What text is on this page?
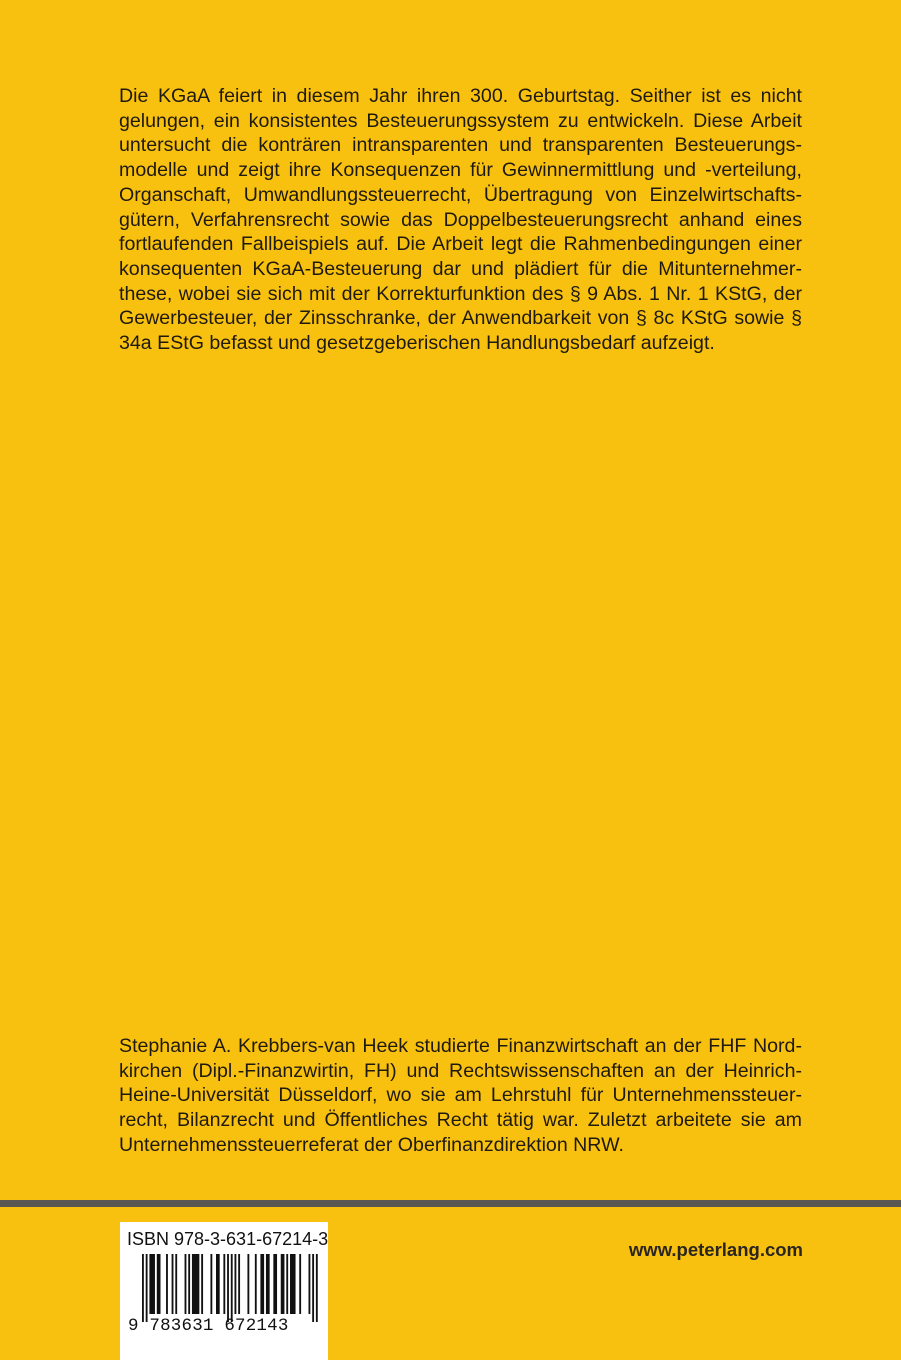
Die KGaA feiert in diesem Jahr ihren 300. Geburtstag. Seither ist es nicht gelungen, ein konsistentes Besteuerungssystem zu entwickeln. Diese Arbeit untersucht die konträren intransparenten und transparenten Besteuerungsmodelle und zeigt ihre Konsequenzen für Gewinnermittlung und -verteilung, Organschaft, Umwandlungssteuerrecht, Übertragung von Einzelwirtschaftsgütern, Verfahrensrecht sowie das Doppelbesteuerungsrecht anhand eines fortlaufenden Fallbeispiels auf. Die Arbeit legt die Rahmenbedingungen einer konsequenten KGaA-Besteuerung dar und plädiert für die Mitunternehmerthese, wobei sie sich mit der Korrekturfunktion des § 9 Abs. 1 Nr. 1 KStG, der Gewerbesteuer, der Zinsschranke, der Anwendbarkeit von § 8c KStG sowie § 34a EStG befasst und gesetzgeberischen Handlungsbedarf aufzeigt.

Stephanie A. Krebbers-van Heek studierte Finanzwirtschaft an der FHF Nordkirchen (Dipl.-Finanzwirtin, FH) und Rechtswissenschaften an der Heinrich-Heine-Universität Düsseldorf, wo sie am Lehrstuhl für Unternehmenssteuerrecht, Bilanzrecht und Öffentliches Recht tätig war. Zuletzt arbeitete sie am Unternehmenssteuerreferat der Oberfinanzdirektion NRW.

ISBN 978-3-631-67214-3
9 783631 672143
www.peterlang.com
